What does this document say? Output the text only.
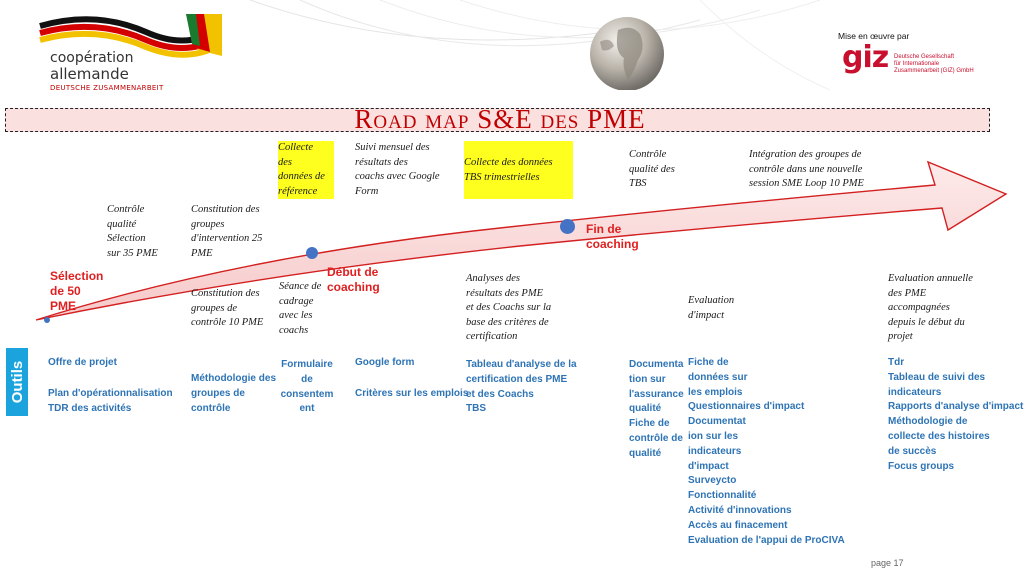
coopération
allemande
DEUTSCHE ZUSAMMENARBEIT
Mise en œuvre par
giz Deutsche Gesellschaft
für Internationale
Zusammenarbeit (GIZ) GmbH
Road map S&E des PME
Sélection
de 50
PME
Début de
coaching
Fin de
coaching
Contrôle
qualité
Sélection
sur 35 PME
Constitution des
groupes
d'intervention 25
PME
Collecte
des
données de
référence
Suivi mensuel des
résultats des
coachs avec Google
Form
Collecte des données
TBS trimestrielles
Contrôle
qualité des
TBS
Intégration des groupes de
contrôle dans une nouvelle
session SME Loop 10 PME
Constitution des
groupes de
contrôle 10 PME
Séance de
cadrage
avec les
coachs
Analyses des
résultats des PME
et des Coachs sur la
base des critères de
certification
Evaluation
d'impact
Evaluation annuelle
des PME
accompagnées
depuis le début du
projet
Outils	Offre de projet
Plan d'opérationnalisation
TDR des activités
Méthodologie des
groupes de
contrôle
Formulaire
de
consentem
ent
Google form
Critères sur les emplois
Tableau d'analyse de la
certification des PME
et des Coachs
TBS
Documenta
tion sur
l'assurance
qualité
Fiche de
contrôle de
qualité
Fiche de
données sur
les emplois
Questionnaires d'impact
Documentat
ion sur les
indicateurs
d'impact
Surveycto
Fonctionnalité
Activité d'innovations
Accès au finacement
Evaluation de l'appui de ProCIVA
Tdr
Tableau de suivi des
indicateurs
Rapports d'analyse d'impact
Méthodologie de
collecte des histoires
de succès
Focus groups
page 17
